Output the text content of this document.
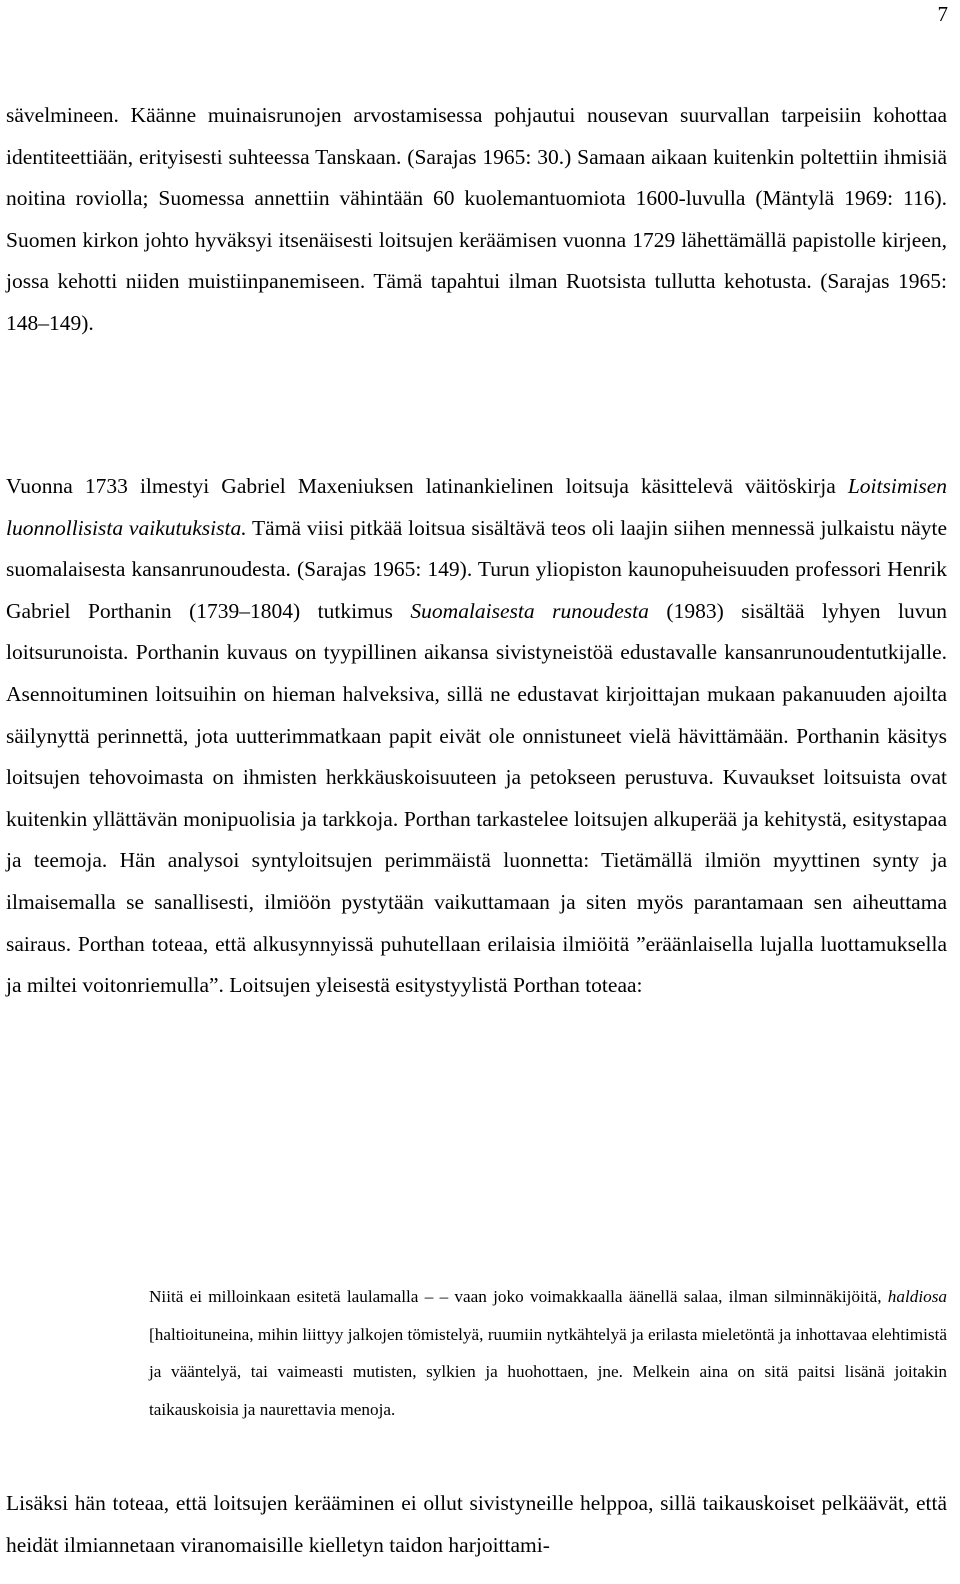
7

sävelmineen. Käänne muinaisrunojen arvostamisessa pohjautui nousevan suurvallan tarpeisiin kohottaa identiteettiään, erityisesti suhteessa Tanskaan. (Sarajas 1965: 30.) Samaan aikaan kuitenkin poltettiin ihmisiä noitina roviolla; Suomessa annettiin vähintään 60 kuolemantuomiota 1600-luvulla (Mäntylä 1969: 116). Suomen kirkon johto hyväksyi itsenäisesti loitsujen keräämisen vuonna 1729 lähettämällä papistolle kirjeen, jossa kehotti niiden muistiinpanemiseen. Tämä tapahtui ilman Ruotsista tullutta kehotusta. (Sarajas 1965: 148–149).

Vuonna 1733 ilmestyi Gabriel Maxeniuksen latinankielinen loitsuja käsittelevä väitöskirja Loitsimisen luonnollisista vaikutuksista. Tämä viisi pitkää loitsua sisältävä teos oli laajin siihen mennessä julkaistu näyte suomalaisesta kansanrunoudesta. (Sarajas 1965: 149). Turun yliopiston kaunopuheisuuden professori Henrik Gabriel Porthanin (1739–1804) tutkimus Suomalaisesta runoudesta (1983) sisältää lyhyen luvun loitsurunoista. Porthanin kuvaus on tyypillinen aikansa sivistyneistöä edustavalle kansanrunoudentutkijalle. Asennoituminen loitsuihin on hieman halveksiva, sillä ne edustavat kirjoittajan mukaan pakanuuden ajoilta säilynyttä perinnettä, jota uutterimmatkaan papit eivät ole onnistuneet vielä hävittämään. Porthanin käsitys loitsujen tehovoimasta on ihmisten herkkäuskoisuuteen ja petokseen perustuva. Kuvaukset loitsuista ovat kuitenkin yllättävän monipuolisia ja tarkkoja. Porthan tarkastelee loitsujen alkuperää ja kehitystä, esitystapaa ja teemoja. Hän analysoi syntyloitsujen perimmäistä luonnetta: Tietämällä ilmiön myyttinen synty ja ilmaisemalla se sanallisesti, ilmiöön pystytään vaikuttamaan ja siten myös parantamaan sen aiheuttama sairaus. Porthan toteaa, että alkusynnyissä puhutellaan erilaisia ilmiöitä ”eräänlaisella lujalla luottamuksella ja miltei voitonriemulla”. Loitsujen yleisestä esitystyylistä Porthan toteaa:

Niitä ei milloinkaan esitetä laulamalla – – vaan joko voimakkaalla äänellä salaa, ilman silminnäkijöitä, haldiosa [haltioituneina, mihin liittyy jalkojen tömistelyä, ruumiin nytkähtelyä ja erilasta mieletöntä ja inhottavaa elehtimistä ja vääntelyä, tai vaimeasti mutisten, sylkien ja huohottaen, jne. Melkein aina on sitä paitsi lisänä joitakin taikauskoisia ja naurettavia menoja.

Lisäksi hän toteaa, että loitsujen kerääminen ei ollut sivistyneille helppoa, sillä taikauskoiset pelkäävät, että heidät ilmiannetaan viranomaisille kielletyn taidon harjoittami-
